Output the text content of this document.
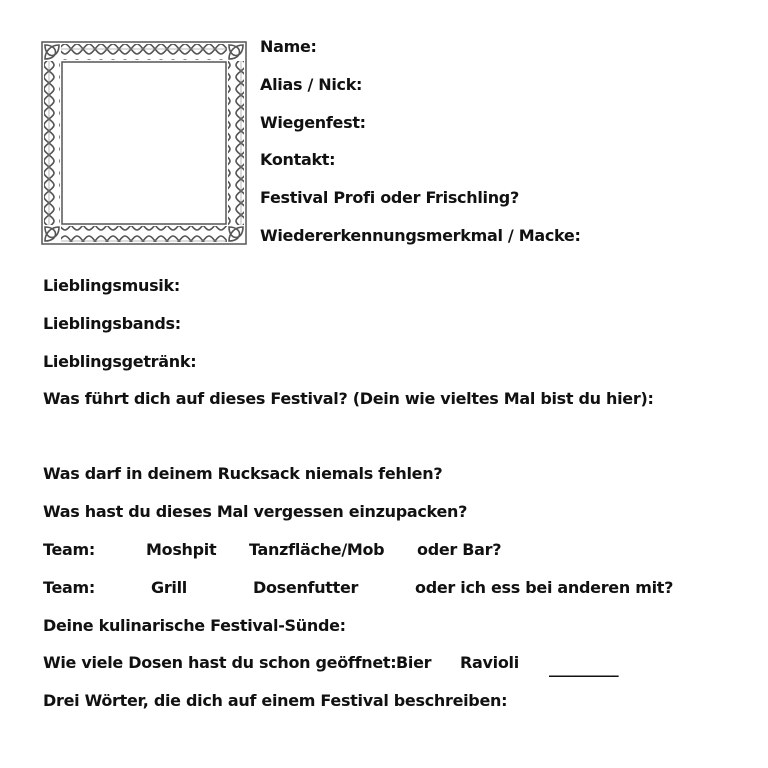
Name:
Alias / Nick:
Wiegenfest:
Kontakt:
Festival Profi oder Frischling?
Wiedererkennungsmerkmal / Macke:
Lieblingsmusik:
Lieblingsbands:
Lieblingsgetränk:
Was führt dich auf dieses Festival? (Dein wie vieltes Mal bist du hier):
Was darf in deinem Rucksack niemals fehlen?
Was hast du dieses Mal vergessen einzupacken?
Team:	Moshpit Tanzfläche/Mob oder Bar?
Team:	Grill	Dosenfutter	oder ich ess bei anderen mit?
Deine kulinarische Festival-Sünde:
Wie viele Dosen hast du schon geöffnet: Bier Ravioli _________
Drei Wörter, die dich auf einem Festival beschreiben:
